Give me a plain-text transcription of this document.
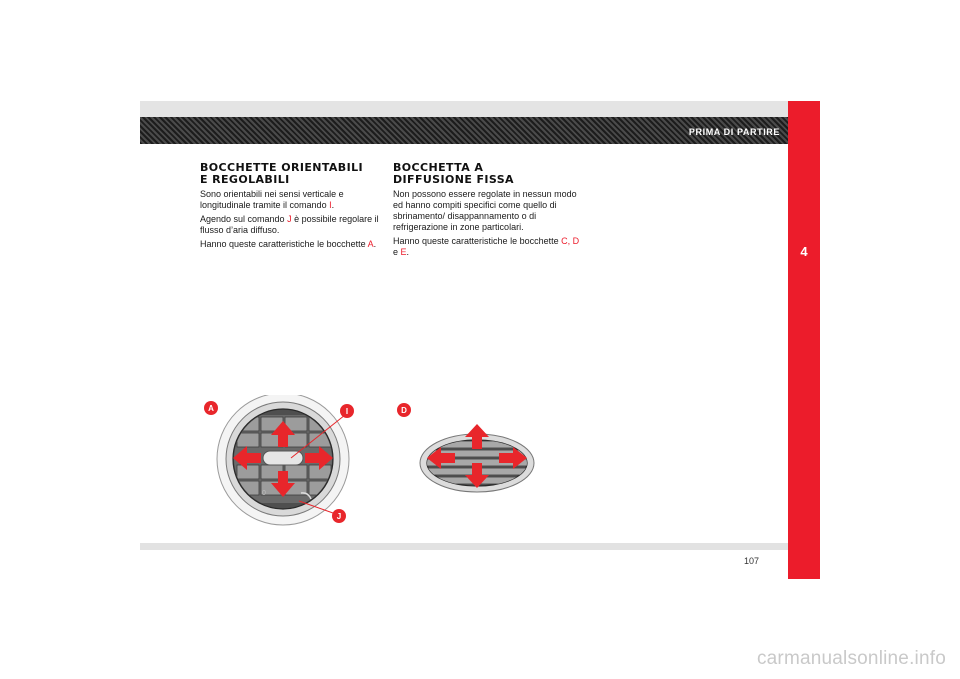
PRIMA DI PARTIRE
4
BOCCHETTE ORIENTABILI
E REGOLABILI

Sono orientabili nei sensi verticale e longitudinale tramite il comando I.

Agendo sul comando J è possibile regolare il flusso d’aria diffuso.

Hanno queste caratteristiche le bocchette A.

BOCCHETTA A
DIFFUSIONE FISSA

Non possono essere regolate in nessun modo ed hanno compiti specifici come quello di sbrinamento/ disappannamento o di refrigerazione in zone particolari.

Hanno queste caratteristiche le bocchette C, D e E.

0
A	I
J
D
107
carmanualsonline.info
